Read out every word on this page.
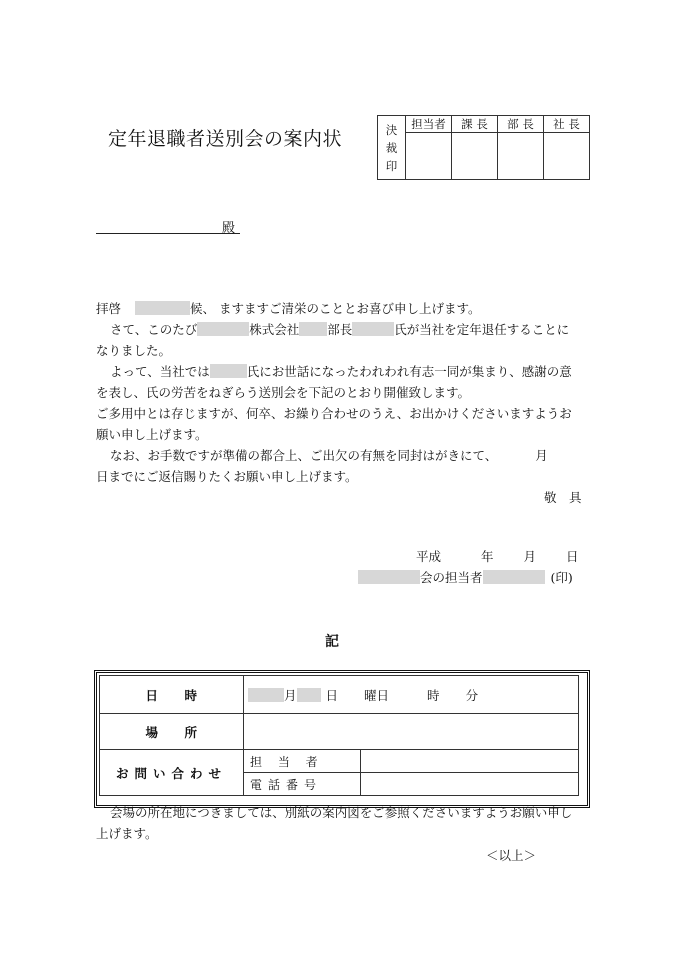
定年退職者送別会の案内状	決裁印	担当者	課 長	部 長	社 長

殿
拝啓	候、 ますますご清栄のこととお喜び申し上げます。
さて、このたび	株式会社 部長	氏が当社を定年退任することに
なりました。
よって、当社では	氏にお世話になったわれわれ有志一同が集まり、感謝の意
を表し、氏の労苦をねぎらう送別会を下記のとおり開催致します。
ご多用中とは存じますが、何卒、お繰り合わせのうえ、お出かけくださいますようお
願い申し上げます。
なお、お手数ですが準備の都合上、ご出欠の有無を同封はがきにて、	月
日までにご返信賜りたくお願い申し上げます。
敬　具
平成	年 月 日
会の担当者	(印)
記
日　　時	月 日 曜日 時 分	
場　　所		
お問い合わせ	担 当 者	
	電話番号	
会場の所在地につきましては、別紙の案内図をご参照くださいますようお願い申し
上げます。
＜以上＞
